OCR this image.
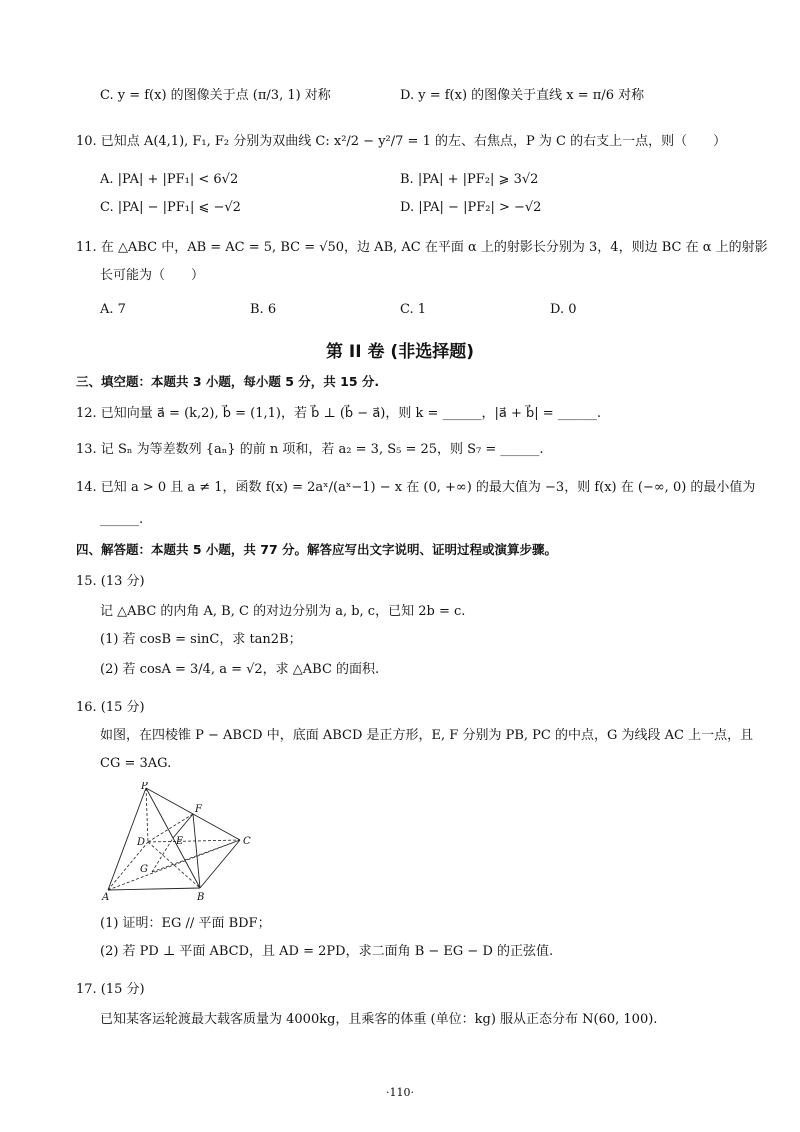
C. y = f(x) 的图像关于点 (π/3, 1) 对称	D. y = f(x) 的图像关于直线 x = π/6 对称
10. 已知点 A(4,1), F₁, F₂ 分别为双曲线 C: x²/2 − y²/7 = 1 的左、右焦点，P 为 C 的右支上一点，则（　　）
A. |PA| + |PF₁| < 6√2	B. |PA| + |PF₂| ⩾ 3√2
C. |PA| − |PF₁| ⩽ −√2	D. |PA| − |PF₂| > −√2
11. 在 △ABC 中，AB = AC = 5, BC = √50，边 AB, AC 在平面 α 上的射影长分别为 3，4，则边 BC 在 α 上的射影
长可能为（　　）
A. 7	B. 6	C. 1	D. 0
第 II 卷 (非选择题)
三、填空题：本题共 3 小题，每小题 5 分，共 15 分.
12. 已知向量 a⃗ = (k,2), b⃗ = (1,1)，若 b⃗ ⊥ (b⃗ − a⃗)，则 k = ______，|a⃗ + b⃗| = ______.
13. 记 Sₙ 为等差数列 {aₙ} 的前 n 项和，若 a₂ = 3, S₅ = 25，则 S₇ = ______.
14. 已知 a > 0 且 a ≠ 1，函数 f(x) = 2aˣ/(aˣ−1) − x 在 (0, +∞) 的最大值为 −3，则 f(x) 在 (−∞, 0) 的最小值为
______.
四、解答题：本题共 5 小题，共 77 分。解答应写出文字说明、证明过程或演算步骤。
15. (13 分)
记 △ABC 的内角 A, B, C 的对边分别为 a, b, c，已知 2b = c.
(1) 若 cosB = sinC，求 tan2B；
(2) 若 cosA = 3/4, a = √2，求 △ABC 的面积.
16. (15 分)
如图，在四棱锥 P − ABCD 中，底面 ABCD 是正方形，E, F 分别为 PB, PC 的中点，G 为线段 AC 上一点，且
CG = 3AG.
P
F
D	E	C
G
A	B
(1) 证明：EG // 平面 BDF；
(2) 若 PD ⊥ 平面 ABCD，且 AD = 2PD，求二面角 B − EG − D 的正弦值.
17. (15 分)
已知某客运轮渡最大载客质量为 4000kg，且乘客的体重 (单位：kg) 服从正态分布 N(60, 100).
·110·
